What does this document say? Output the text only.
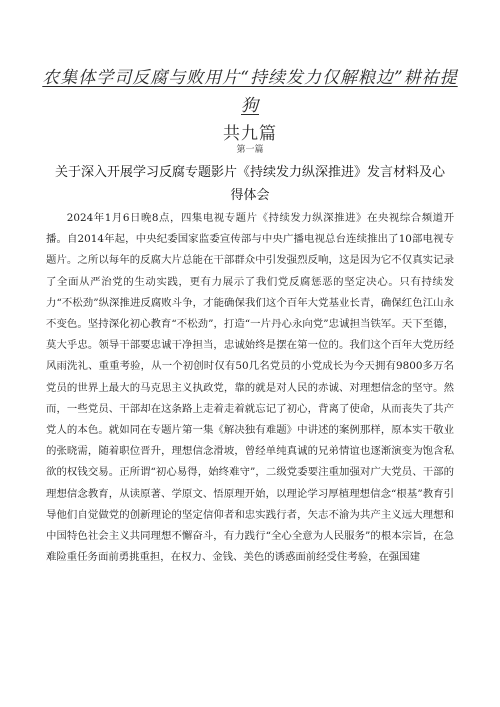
农集体学司反腐与败用片“持续发力仅解粮边”耕祐提狗
共九篇
第一篇
关于深入开展学习反腐专题影片《持续发力纵深推进》发言材料及心得体会

2024年1月6日晚8点，四集电视专题片《持续发力纵深推进》在央视综合频道开播。自2014年起，中央纪委国家监委宣传部与中央广播电视总台连续推出了10部电视专题片。之所以每年的反腐大片总能在干部群众中引发强烈反响，这是因为它不仅真实记录了全面从严治党的生动实践，更有力展示了我们党反腐惩恶的坚定决心。只有持续发力“不松劲”纵深推进反腐败斗争，才能确保我们这个百年大党基业长青，确保红色江山永不变色。坚持深化初心教育“不松劲”，打造“一片丹心永向党”忠诚担当铁军。天下至德，莫大乎忠。领导干部要忠诚干净担当，忠诚始终是摆在第一位的。我们这个百年大党历经风雨洗礼、重重考验，从一个初创时仅有50几名党员的小党成长为今天拥有9800多万名党员的世界上最大的马克思主义执政党，靠的就是对人民的赤诚、对理想信念的坚守。然而，一些党员、干部却在这条路上走着走着就忘记了初心，背离了使命，从而丧失了共产党人的本色。就如同在专题片第一集《解决独有难题》中讲述的案例那样，原本实干敬业的张晓需，随着职位晋升，理想信念滑坡，曾经单纯真诚的兄弟情谊也逐渐演变为饱含私欲的权钱交易。正所谓“初心易得，始终难守”，二级党委要注重加强对广大党员、干部的理想信念教育，从读原著、学原文、悟原理开始，以理论学习厚植理想信念“根基”教育引导他们自觉做党的创新理论的坚定信仰者和忠实践行者，矢志不渝为共产主义远大理想和中国特色社会主义共同理想不懈奋斗，有力践行“全心全意为人民服务”的根本宗旨，在急难险重任务面前勇挑重担，在权力、金钱、美色的诱惑面前经受住考验，在强国建
